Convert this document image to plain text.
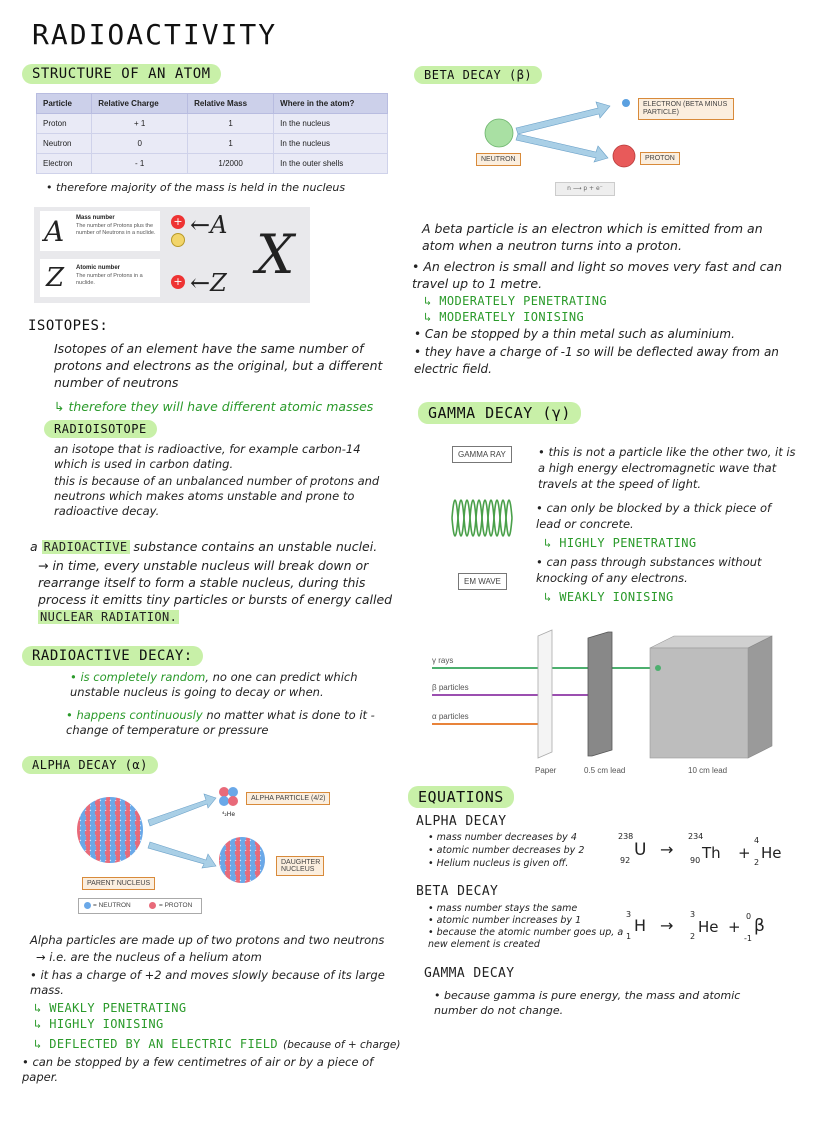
RADIOACTIVITY
STRUCTURE OF AN ATOM
Particle	Relative Charge	Relative Mass	Where in the atom?
Proton	+ 1	1	In the nucleus
Neutron	0	1	In the nucleus
Electron	- 1	1/2000	In the outer shells
• therefore majority of the mass is held in the nucleus
A Mass number
The number of Protons plus the number of Neutrons in a nuclide.
+ ←A
Z Atomic number
The number of Protons in a nuclide.	+ ←Z X
ISOTOPES:
Isotopes of an element have the same number of protons and electrons as the original, but a different number of neutrons
↳ therefore they will have different atomic masses
RADIOISOTOPE
an isotope that is radioactive, for example carbon-14 which is used in carbon dating.
this is because of an unbalanced number of protons and neutrons which makes atoms unstable and prone to radioactive decay.
a RADIOACTIVE substance contains an unstable nuclei.
→ in time, every unstable nucleus will break down or rearrange itself to form a stable nucleus, during this process it emitts tiny particles or bursts of energy called NUCLEAR RADIATION.
RADIOACTIVE DECAY:
• is completely random, no one can predict which unstable nucleus is going to decay or when.
• happens continuously no matter what is done to it - change of temperature or pressure
ALPHA DECAY (α)
ALPHA PARTICLE (4/2)
⁴₂He
DAUGHTER NUCLEUS
PARENT NUCLEUS
= NEUTRON	= PROTON
Alpha particles are made up of two protons and two neutrons
→ i.e. are the nucleus of a helium atom
• it has a charge of +2 and moves slowly because of its large mass.
↳ WEAKLY PENETRATING
↳ HIGHLY IONISING
↳ DEFLECTED BY AN ELECTRIC FIELD (because of + charge)
• can be stopped by a few centimetres of air or by a piece of paper.
BETA DECAY (β)
ELECTRON (BETA MINUS PARTICLE)
NEUTRON	PROTON
n ⟶ p + e⁻
A beta particle is an electron which is emitted from an atom when a neutron turns into a proton.
• An electron is small and light so moves very fast and can travel up to 1 metre.
↳ MODERATELY PENETRATING
↳ MODERATELY IONISING
• Can be stopped by a thin metal such as aluminium.
• they have a charge of -1 so will be deflected away from an electric field.
GAMMA DECAY (γ)
GAMMA RAY
EM WAVE
• this is not a particle like the other two, it is a high energy electromagnetic wave that travels at the speed of light.
• can only be blocked by a thick piece of lead or concrete.
↳ HIGHLY PENETRATING
• can pass through substances without knocking of any electrons.
↳ WEAKLY IONISING
γ rays
β particles
α particles
Paper	0.5 cm lead	10 cm lead
EQUATIONS
ALPHA DECAY
• mass number decreases by 4
• atomic number decreases by 2
• Helium nucleus is given off.
238
92
U →
234
90 Th +
4
2
He
BETA DECAY
• mass number stays the same
• atomic number increases by 1
• because the atomic number goes up, a new element is created
3
1
H →
3
2
He +
0
-1
β
GAMMA DECAY
• because gamma is pure energy, the mass and atomic number do not change.
